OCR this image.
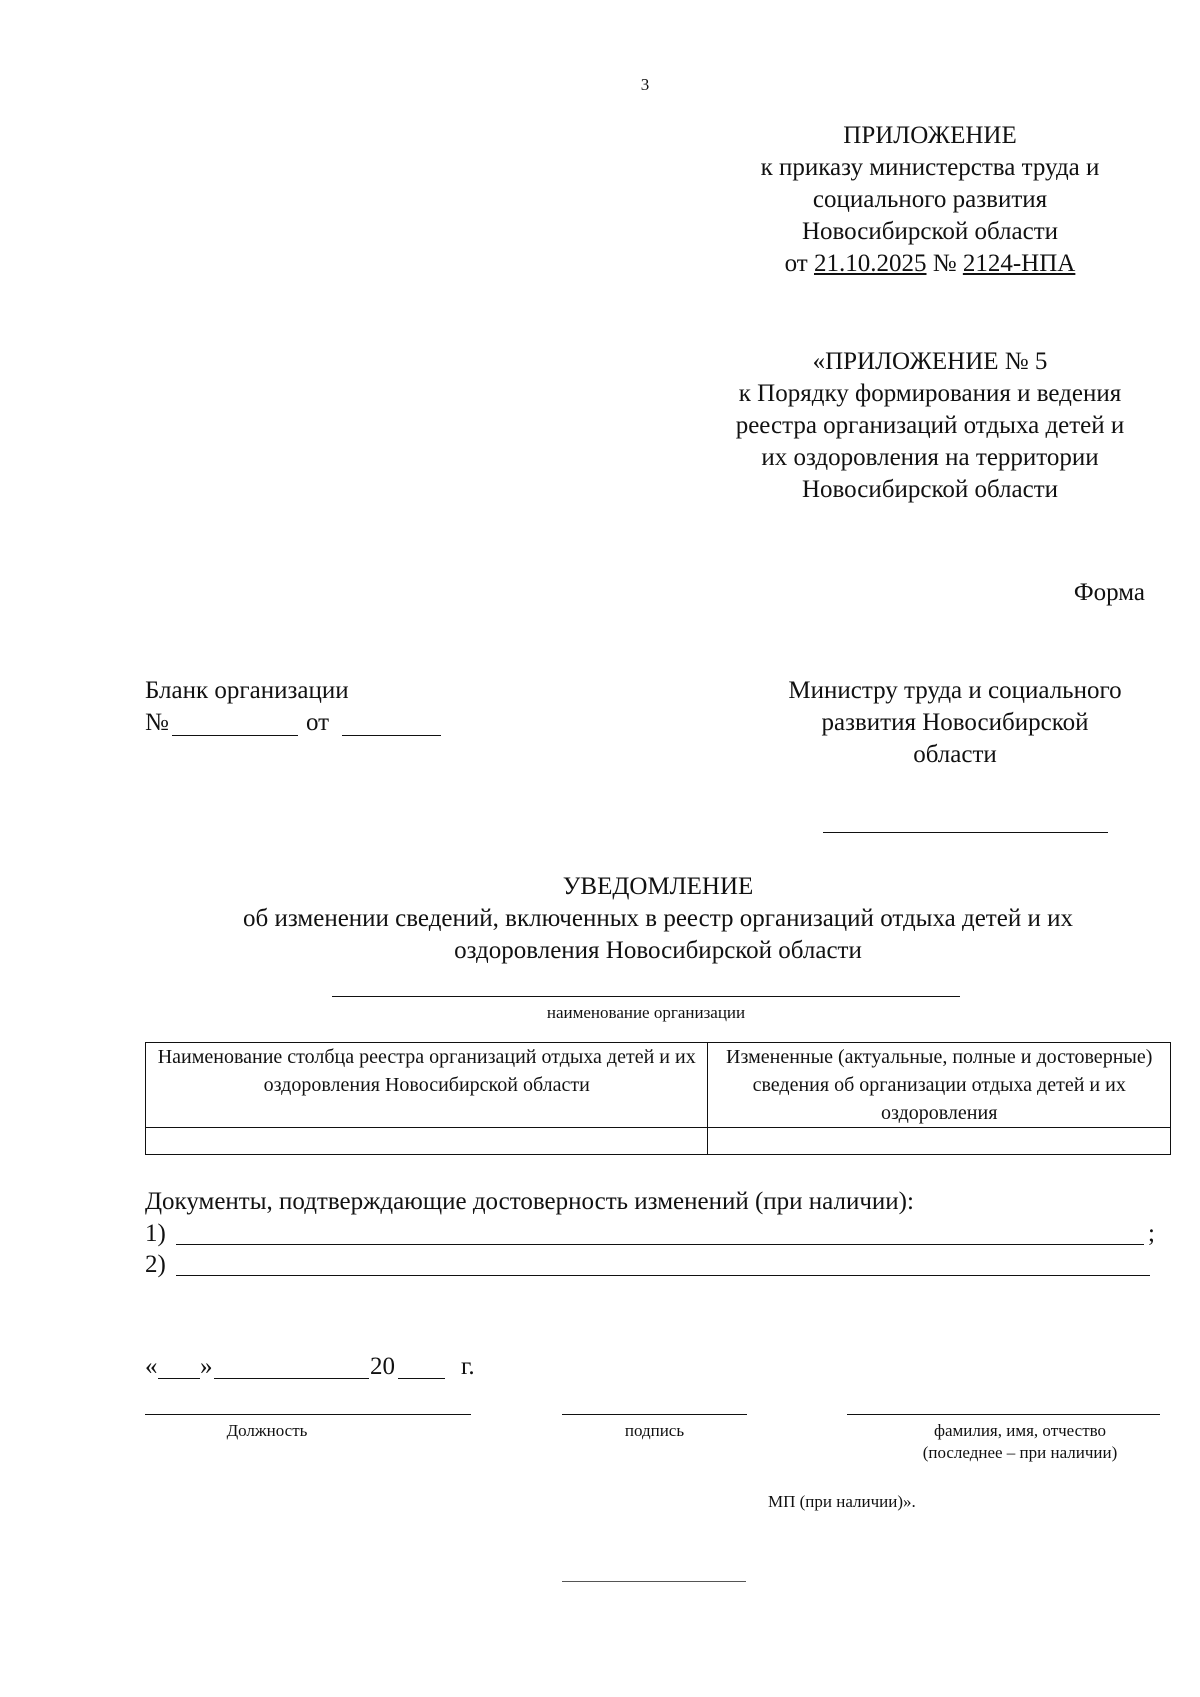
3
ПРИЛОЖЕНИЕ
к приказу министерства труда и
социального развития
Новосибирской области
от 21.10.2025 № 2124-НПА
«ПРИЛОЖЕНИЕ № 5
к Порядку формирования и ведения
реестра организаций отдыха детей и
их оздоровления на территории
Новосибирской области
Форма
Бланк организации
№	от
Министру труда и социального
развития Новосибирской
области
УВЕДОМЛЕНИЕ
об изменении сведений, включенных в реестр организаций отдыха детей и их
оздоровления Новосибирской области
наименование организации
Наименование столбца реестра организаций отдыха детей и их оздоровления Новосибирской области	Измененные (актуальные, полные и достоверные) сведения об организации отдыха детей и их оздоровления

Документы, подтверждающие достоверность изменений (при наличии):
1)	;
2)
« »	20	г.
Должность	подпись	фамилия, имя, отчество
(последнее – при наличии)
МП (при наличии)».
